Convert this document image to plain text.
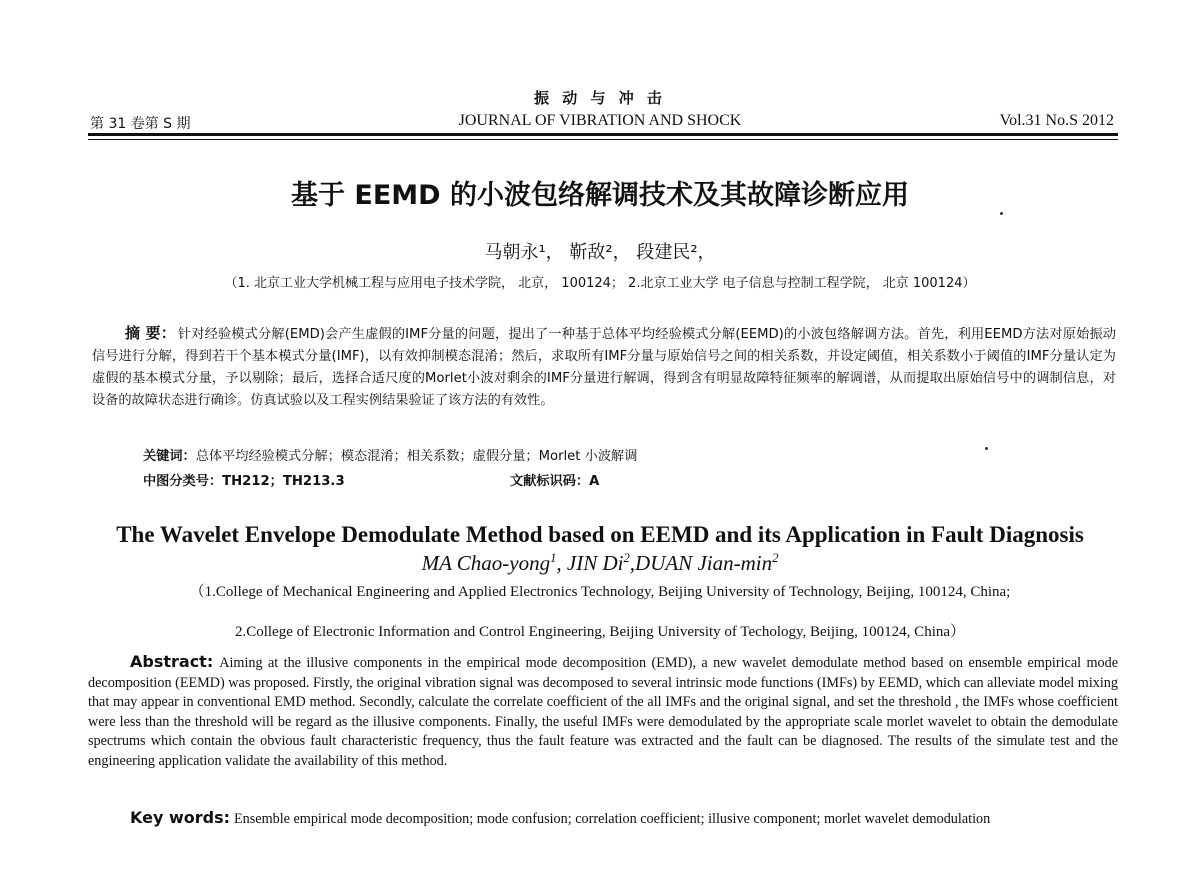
振 动 与 冲 击
第 31 卷第 S 期	JOURNAL OF VIBRATION AND SHOCK	Vol.31 No.S 2012
基于 EEMD 的小波包络解调技术及其故障诊断应用
马朝永¹， 靳敌²， 段建民²，
（1. 北京工业大学机械工程与应用电子技术学院， 北京， 100124； 2.北京工业大学 电子信息与控制工程学院， 北京 100124）
摘 要： 针对经验模式分解(EMD)会产生虚假的IMF分量的问题，提出了一种基于总体平均经验模式分解(EEMD)的小波包络解调方法。首先，利用EEMD方法对原始振动信号进行分解，得到若干个基本模式分量(IMF)，以有效抑制模态混淆；然后，求取所有IMF分量与原始信号之间的相关系数，并设定阈值，相关系数小于阈值的IMF分量认定为虚假的基本模式分量，予以剔除；最后，选择合适尺度的Morlet小波对剩余的IMF分量进行解调，得到含有明显故障特征频率的解调谱，从而提取出原始信号中的调制信息，对设备的故障状态进行确诊。仿真试验以及工程实例结果验证了该方法的有效性。
关键词：总体平均经验模式分解；模态混淆；相关系数；虚假分量；Morlet 小波解调
中图分类号：TH212；TH213.3	文献标识码：A
The Wavelet Envelope Demodulate Method based on EEMD and its Application in Fault Diagnosis
MA Chao-yong$^1$, JIN Di$^2$,DUAN Jian-$\min^2$
（1.College of Mechanical Engineering and Applied Electronics Technology, Beijing University of Technology, Beijing, 100124, China;
2.College of Electronic Information and Control Engineering, Beijing University of Techology, Beijing, 100124, China）
Abstract: Aiming at the illusive components in the empirical mode decomposition (EMD), a new wavelet demodulate method based on ensemble empirical mode decomposition (EEMD) was proposed. Firstly, the original vibration signal was decomposed to several intrinsic mode functions (IMFs) by EEMD, which can alleviate model mixing that may appear in conventional EMD method. Secondly, calculate the correlate coefficient of the all IMFs and the original signal, and set the threshold , the IMFs whose coefficient were less than the threshold will be regard as the illusive components. Finally, the useful IMFs were demodulated by the appropriate scale morlet wavelet to obtain the demodulate spectrums which contain the obvious fault characteristic frequency, thus the fault feature was extracted and the fault can be diagnosed. The results of the simulate test and the engineering application validate the availability of this method.
Key words: Ensemble empirical mode decomposition; mode confusion; correlation coefficient; illusive component; morlet wavelet demodulation
